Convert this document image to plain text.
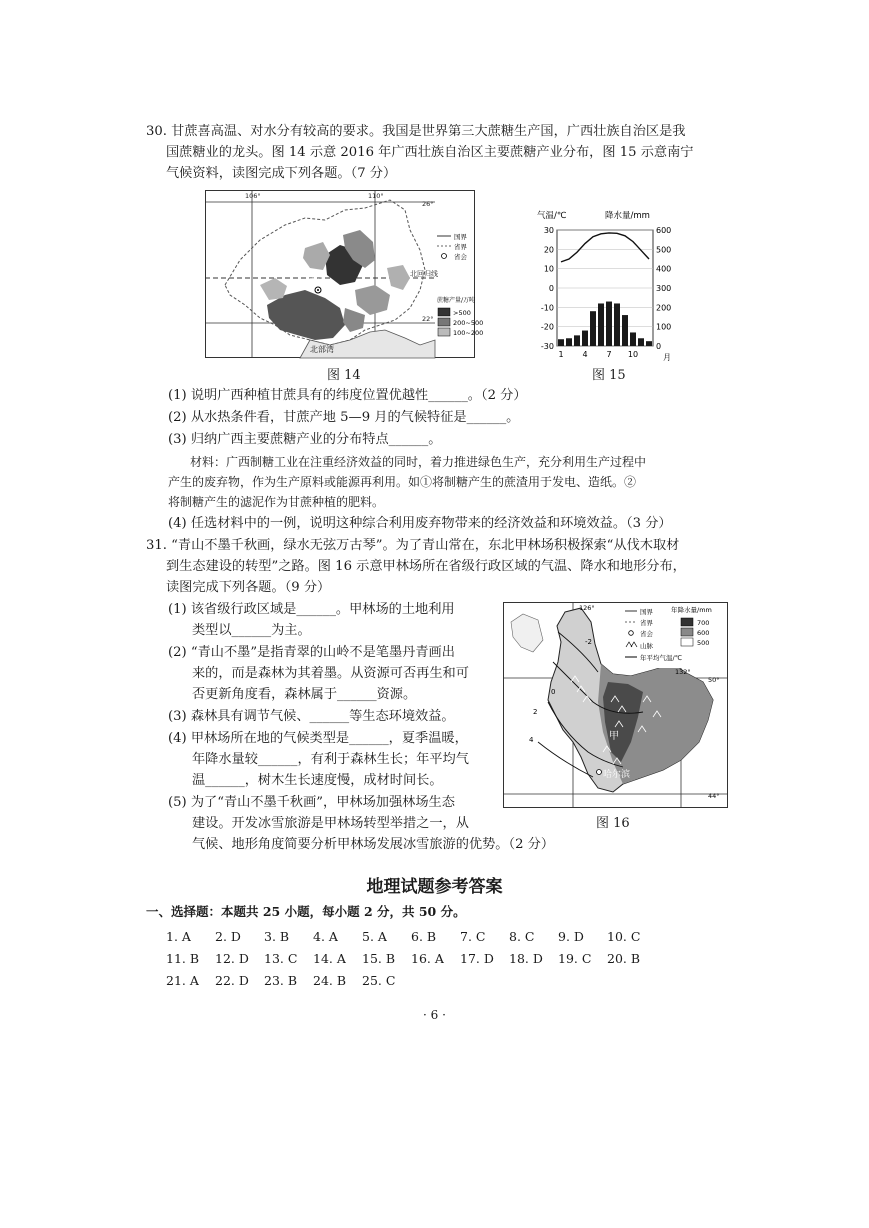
30. 甘蔗喜高温、对水分有较高的要求。我国是世界第三大蔗糖生产国，广西壮族自治区是我
国蔗糖业的龙头。图 14 示意 2016 年广西壮族自治区主要蔗糖产业分布，图 15 示意南宁
气候资料，读图完成下列各题。（7 分）
南宁
北部湾
106°	110°
26°
22°
北回归线
国界
省界
省会
蔗糖产量/万吨
>500
200~500
100~200
图 14
气温/℃	降水量/mm
30	600
20	500
10	400
0	300
-10	200
-20	100
-30	0
1 4 7 10	月
图 15
(1) 说明广西种植甘蔗具有的纬度位置优越性______。（2 分）
(2) 从水热条件看，甘蔗产地 5—9 月的气候特征是______。
(3) 归纳广西主要蔗糖产业的分布特点______。
材料：广西制糖工业在注重经济效益的同时，着力推进绿色生产，充分利用生产过程中
产生的废弃物，作为生产原料或能源再利用。如①将制糖产生的蔗渣用于发电、造纸。②
将制糖产生的滤泥作为甘蔗种植的肥料。
(4) 任选材料中的一例，说明这种综合利用废弃物带来的经济效益和环境效益。（3 分）
31. “青山不墨千秋画，绿水无弦万古琴”。为了青山常在，东北甲林场积极探索“从伐木取材
到生态建设的转型”之路。图 16 示意甲林场所在省级行政区域的气温、降水和地形分布，
读图完成下列各题。（9 分）
(1) 该省级行政区域是______。甲林场的土地利用
类型以______为主。
(2) “青山不墨”是指青翠的山岭不是笔墨丹青画出
来的，而是森林为其着墨。从资源可否再生和可
否更新角度看，森林属于______资源。
(3) 森林具有调节气候、______等生态环境效益。
(4) 甲林场所在地的气候类型是______，夏季温暖，
年降水量较______，有利于森林生长；年平均气
温______，树木生长速度慢，成材时间长。
(5) 为了“青山不墨千秋画”，甲林场加强林场生态
建设。开发冰雪旅游是甲林场转型举措之一，从
气候、地形角度简要分析甲林场发展冰雪旅游的优势。（2 分）
哈尔滨
甲
126°
132°
50°
44°
-2
0
2
4
国界
省界
省会
山脉
年平均气温/℃
年降水量/mm
700
600
500
图 16
地理试题参考答案
一、选择题：本题共 25 小题，每小题 2 分，共 50 分。
1. A	2. D	3. B	4. A	5. A	6. B	7. C	8. C	9. D	10. C
11. B	12. D	13. C	14. A	15. B	16. A	17. D	18. D	19. C	20. B
21. A	22. D	23. B	24. B	25. C
· 6 ·
